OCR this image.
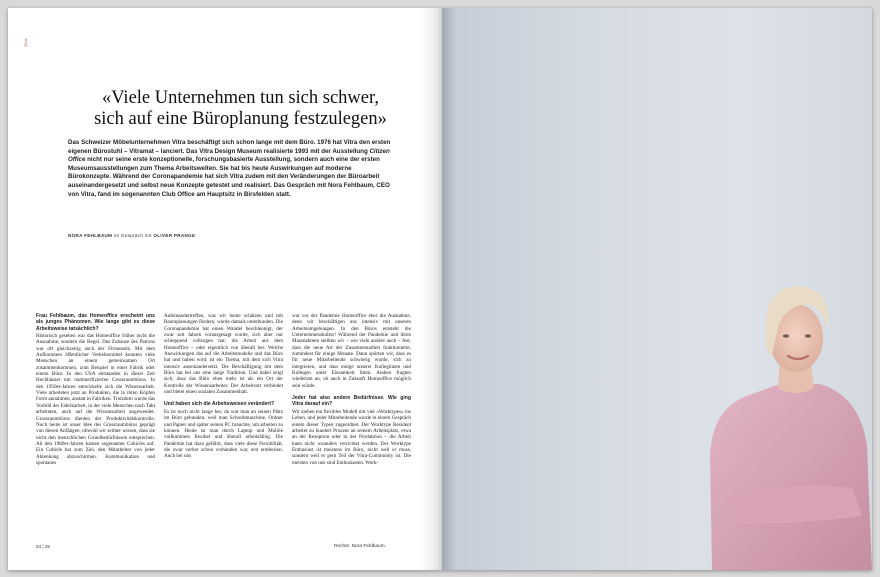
Zeit
«Viele Unternehmen tun sich schwer,
sich auf eine Büroplanung festzulegen»

Das Schweizer Möbelunternehmen Vitra beschäftigt sich schon lange mit dem Büro. 1976 hat Vitra den ersten eigenen Bürostuhl – Vitramat – lanciert. Das Vitra Design Museum realisierte 1993 mit der Ausstellung Citizen Office nicht nur seine erste konzeptionelle, forschungsbasierte Ausstellung, sondern auch eine der ersten Museumsausstellungen zum Thema Arbeitswelten. Sie hat bis heute Auswirkungen auf moderne Bürokonzepte. Während der Coronapandemie hat sich Vitra zudem mit den Veränderungen der Büroarbeit auseinandergesetzt und selbst neue Konzepte getestet und realisiert. Das Gespräch mit Nora Fehlbaum, CEO von Vitra, fand im sogenannten Club Office am Hauptsitz in Birsfelden statt.

NORA FEHLBAUM im Gespräch mit OLIVER PRANGE

Frau Fehlbaum, das Homeoffice erscheint uns als junges Phänomen. Wie lange gibt es diese Arbeitsweise tatsächlich?

Historisch gesehen war das Homeoffice früher nicht die Ausnahme, sondern die Regel. Das Zuhause des Patrons war oft gleichzeitig auch der Firmensitz. Mit dem Aufkommen öffentlicher Verkehrsmittel konnten viele Menschen an einem gemeinsamen Ort zusammenkommen, zum Beispiel in einer Fabrik oder einem Büro. In den USA entstanden in dieser Zeit Hochhäuser mit nummerfizierten Grossraumbüros. In den 1950er-Jahren entwickelte sich die Wissensarbeit. Viele arbeiteten jetzt an Produkten, die in ihren Köpfen Form annahmen, anstatt in Fabriken. Trotzdem wurde das Vorbild der Fabrikarbeit, in der viele Menschen nach Takt arbeiteten, auch auf die Wissensarbeit angewendet. Grossraumbüros dienten der Produktivitätskontrolle. Noch heute ist unser Idee des Grossraumbüros geprägt von diesen Anfängen, obwohl wir seither wissen, dass sie nicht den menschlichen Grundbedürfnissen entsprechen. Ab den 1960er-Jahren kamen sogenannte Cubicles auf. Ein Cubicle hat zum Ziel, den Mitarbeiter von jeder Ablenkung abzuschirmen. Kommunikation und spontanes

Aufeinandertreffen, was wir heute schätzen und mit Raumplanungen fördern, wurde damals unterbunden. Die Coronapandemie hat einen Wandel beschleunigt, der zwar seit Jahren vorausgesagt wurde, sich aber nur schleppend vollzogen hat: die Arbeit aus dem Homeoffice – oder eigentlich von überall her. Welche Auswirkungen das auf die Arbeitsmodelle und das Büro hat und haben wird, ist ein Thema, mit dem sich Vitra intensiv auseinandersetzt. Die Beschäftigung mit dem Büro hat bei uns eine lange Tradition. Und dabei zeigt sich, dass das Büro eben mehr ist als ein Ort der Kontrolle der Wissensarbeiter. Der Arbeitsort verbindet und bietet einen sozialen Zusammenhalt.

Und haben sich die Arbeitsweisen verändert?

Es ist noch nicht lange her, da war man an seinen Platz im Büro gebunden, weil man Schreibmaschine, Ordner und Papier und später seinen PC brauchte, um arbeiten zu können. Heute ist man durch Laptop und Mobile vollkommen flexibel und überall arbeitsfähig. Die Pandemie hat dazu geführt, dass viele diese Flexibilität, die zwar vorher schon vorhanden war, erst entdecken. Auch bei uns

war vor der Pandemie Homeoffice eher die Ausnahme, denn wir beschäftigen uns intensiv mit unseren Arbeitsumgebungen. In den Büros entsteht die Unternehmenskultur! Während der Pandemie und ihren Massnahmen stellten wir – wie viele andere auch – fest, dass die neue Art der Zusammenarbeit funktionierte, zumindest für einige Monate. Dann spürten wir, dass es für neue Mitarbeitende schwierig wurde, sich zu integrieren, und dass einige unserer Kolleginnen und Kollegen unter Einsamkeit litten. Andere fragten wiederum an, ob auch in Zukunft Homeoffice möglich sein würde.

Jeder hat also andere Bedürfnisse. Wie ging Vitra darauf ein?

Wir ziehen ein flexibles Modell mit vier «Worktypes» ins Leben, und jeder Mitarbeitende wurde in einem Gespräch einem dieser Typen zugeordnet. Der Worktype Resident arbeitet zu hundert Prozent an seinem Arbeitsplatz, etwa an der Rezeption oder in der Produktion – die Arbeit kann nicht woanders verrichtet werden. Der Worktype Enthusiast ist meistens im Büro, nicht weil er muss, sondern weil er gern Teil der Vitra-Community ist. Die meisten von uns sind Enthusiasten. Work-

24 | 25	Rechts: Nora Fehlbaum.
